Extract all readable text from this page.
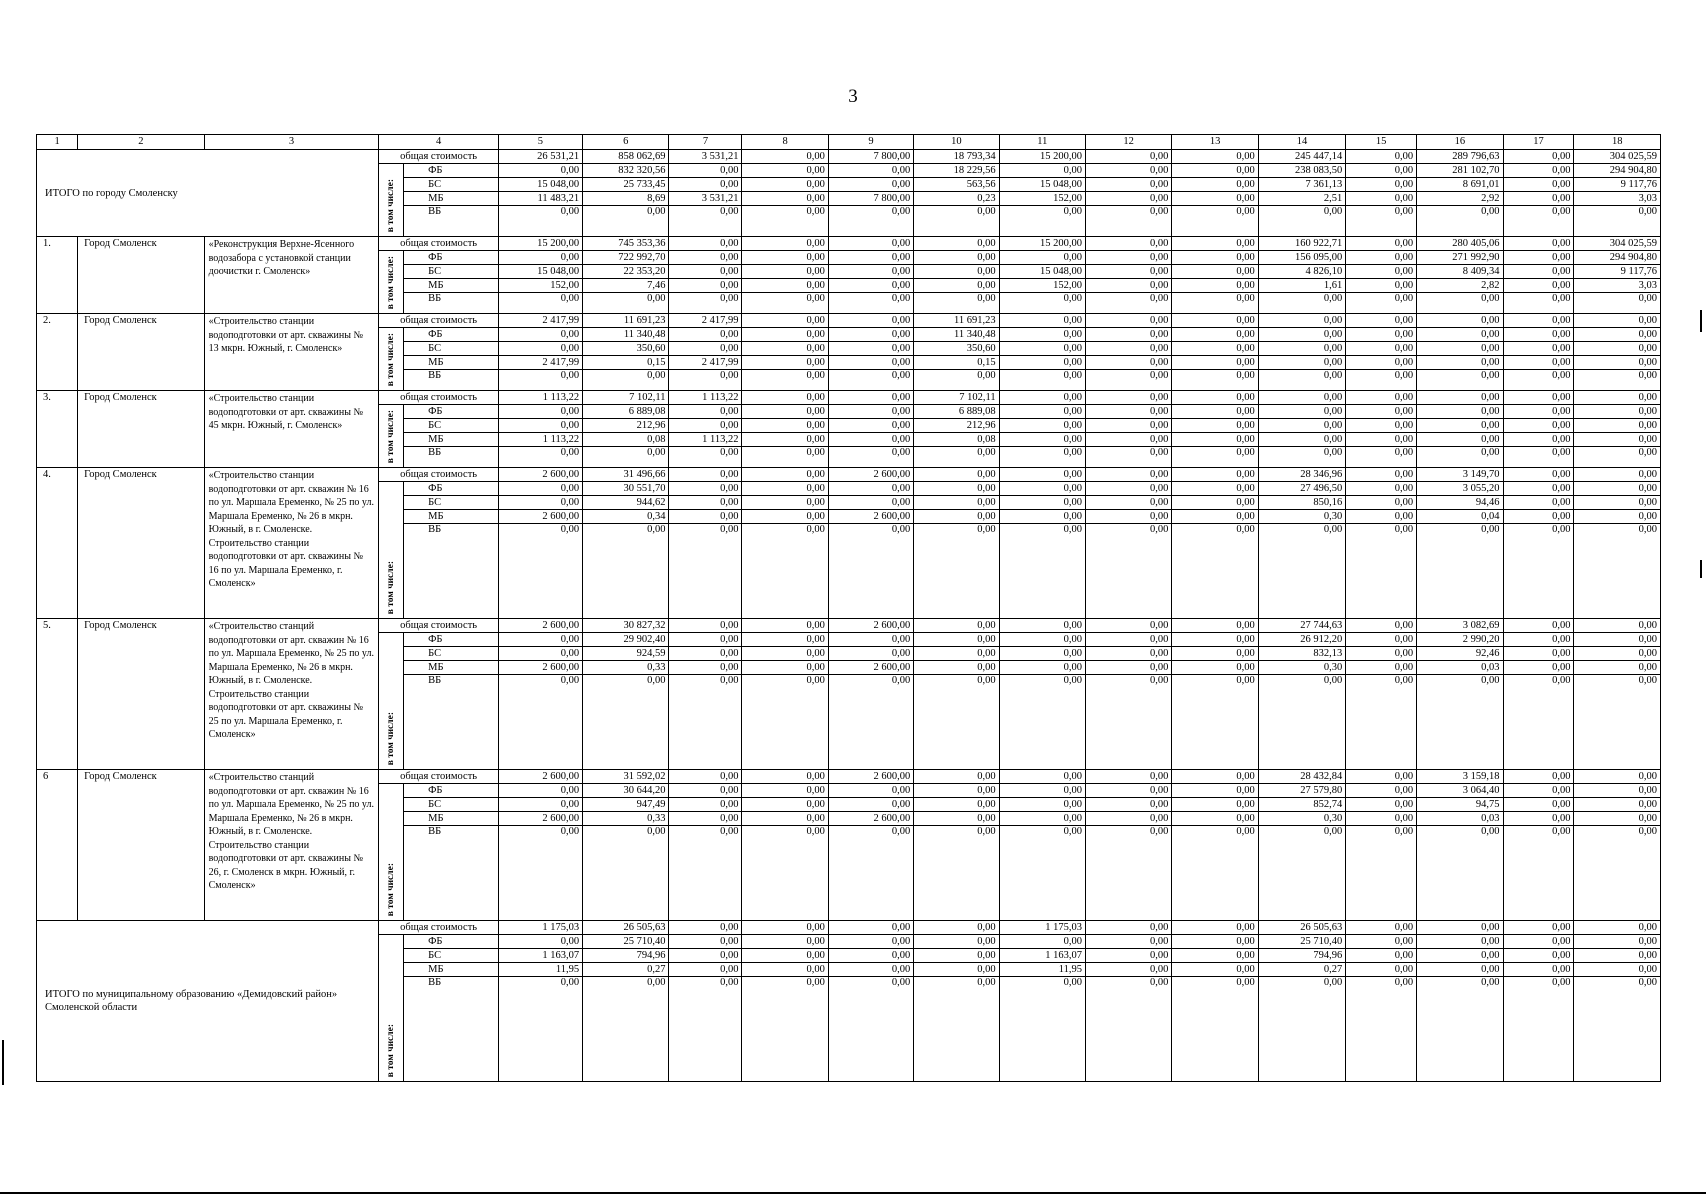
3
1	2	3	4		5	6	7	8	9	10	11	12	13	14	15	16	17	18
ИТОГО по городу Смоленску			общая стоимость		26 531,21	858 062,69	3 531,21	0,00	7 800,00	18 793,34	15 200,00	0,00	0,00	245 447,14	0,00	289 796,63	0,00	304 025,59
			в том числе:	ФБ	0,00	832 320,56	0,00	0,00	0,00	18 229,56	0,00	0,00	0,00	238 083,50	0,00	281 102,70	0,00	294 904,80
				БС	15 048,00	25 733,45	0,00	0,00	0,00	563,56	15 048,00	0,00	0,00	7 361,13	0,00	8 691,01	0,00	9 117,76
				МБ	11 483,21	8,69	3 531,21	0,00	7 800,00	0,23	152,00	0,00	0,00	2,51	0,00	2,92	0,00	3,03
				ВБ	0,00	0,00	0,00	0,00	0,00	0,00	0,00	0,00	0,00	0,00	0,00	0,00	0,00	0,00
1.	Город Смоленск	«Реконструкция Верхне-Ясенного водозабора с установкой станции доочистки г. Смоленск»	общая стоимость		15 200,00	745 353,36	0,00	0,00	0,00	0,00	15 200,00	0,00	0,00	160 922,71	0,00	280 405,06	0,00	304 025,59
			в том числе:	ФБ	0,00	722 992,70	0,00	0,00	0,00	0,00	0,00	0,00	0,00	156 095,00	0,00	271 992,90	0,00	294 904,80
				БС	15 048,00	22 353,20	0,00	0,00	0,00	0,00	15 048,00	0,00	0,00	4 826,10	0,00	8 409,34	0,00	9 117,76
				МБ	152,00	7,46	0,00	0,00	0,00	0,00	152,00	0,00	0,00	1,61	0,00	2,82	0,00	3,03
				ВБ	0,00	0,00	0,00	0,00	0,00	0,00	0,00	0,00	0,00	0,00	0,00	0,00	0,00	0,00
2.	Город Смоленск	«Строительство станции водоподготовки от арт. скважины № 13 мкрн. Южный, г. Смоленск»	общая стоимость		2 417,99	11 691,23	2 417,99	0,00	0,00	11 691,23	0,00	0,00	0,00	0,00	0,00	0,00	0,00	0,00
			в том числе:	ФБ	0,00	11 340,48	0,00	0,00	0,00	11 340,48	0,00	0,00	0,00	0,00	0,00	0,00	0,00	0,00
				БС	0,00	350,60	0,00	0,00	0,00	350,60	0,00	0,00	0,00	0,00	0,00	0,00	0,00	0,00
				МБ	2 417,99	0,15	2 417,99	0,00	0,00	0,15	0,00	0,00	0,00	0,00	0,00	0,00	0,00	0,00
				ВБ	0,00	0,00	0,00	0,00	0,00	0,00	0,00	0,00	0,00	0,00	0,00	0,00	0,00	0,00
3.	Город Смоленск	«Строительство станции водоподготовки от арт. скважины № 45 мкрн. Южный, г. Смоленск»	общая стоимость		1 113,22	7 102,11	1 113,22	0,00	0,00	7 102,11	0,00	0,00	0,00	0,00	0,00	0,00	0,00	0,00
			в том числе:	ФБ	0,00	6 889,08	0,00	0,00	0,00	6 889,08	0,00	0,00	0,00	0,00	0,00	0,00	0,00	0,00
				БС	0,00	212,96	0,00	0,00	0,00	212,96	0,00	0,00	0,00	0,00	0,00	0,00	0,00	0,00
				МБ	1 113,22	0,08	1 113,22	0,00	0,00	0,08	0,00	0,00	0,00	0,00	0,00	0,00	0,00	0,00
				ВБ	0,00	0,00	0,00	0,00	0,00	0,00	0,00	0,00	0,00	0,00	0,00	0,00	0,00	0,00
4.	Город Смоленск	«Строительство станции водоподготовки от арт. скважин № 16 по ул. Маршала Еременко, № 25 по ул. Маршала Еременко, № 26 в мкрн. Южный, в г. Смоленске. Строительство станции водоподготовки от арт. скважины № 16 по ул. Маршала Еременко, г. Смоленск»	общая стоимость		2 600,00	31 496,66	0,00	0,00	2 600,00	0,00	0,00	0,00	0,00	28 346,96	0,00	3 149,70	0,00	0,00
			в том числе:	ФБ	0,00	30 551,70	0,00	0,00	0,00	0,00	0,00	0,00	0,00	27 496,50	0,00	3 055,20	0,00	0,00
				БС	0,00	944,62	0,00	0,00	0,00	0,00	0,00	0,00	0,00	850,16	0,00	94,46	0,00	0,00
				МБ	2 600,00	0,34	0,00	0,00	2 600,00	0,00	0,00	0,00	0,00	0,30	0,00	0,04	0,00	0,00
				ВБ	0,00	0,00	0,00	0,00	0,00	0,00	0,00	0,00	0,00	0,00	0,00	0,00	0,00	0,00
5.	Город Смоленск	«Строительство станций водоподготовки от арт. скважин № 16 по ул. Маршала Еременко, № 25 по ул. Маршала Еременко, № 26 в мкрн. Южный, в г. Смоленске. Строительство станции водоподготовки от арт. скважины № 25 по ул. Маршала Еременко, г. Смоленск»	общая стоимость		2 600,00	30 827,32	0,00	0,00	2 600,00	0,00	0,00	0,00	0,00	27 744,63	0,00	3 082,69	0,00	0,00
			в том числе:	ФБ	0,00	29 902,40	0,00	0,00	0,00	0,00	0,00	0,00	0,00	26 912,20	0,00	2 990,20	0,00	0,00
				БС	0,00	924,59	0,00	0,00	0,00	0,00	0,00	0,00	0,00	832,13	0,00	92,46	0,00	0,00
				МБ	2 600,00	0,33	0,00	0,00	2 600,00	0,00	0,00	0,00	0,00	0,30	0,00	0,03	0,00	0,00
				ВБ	0,00	0,00	0,00	0,00	0,00	0,00	0,00	0,00	0,00	0,00	0,00	0,00	0,00	0,00
6	Город Смоленск	«Строительство станций водоподготовки от арт. скважин № 16 по ул. Маршала Еременко, № 25 по ул. Маршала Еременко, № 26 в мкрн. Южный, в г. Смоленске. Строительство станции водоподготовки от арт. скважины № 26, г. Смоленск в мкрн. Южный, г. Смоленск»	общая стоимость		2 600,00	31 592,02	0,00	0,00	2 600,00	0,00	0,00	0,00	0,00	28 432,84	0,00	3 159,18	0,00	0,00
			в том числе:	ФБ	0,00	30 644,20	0,00	0,00	0,00	0,00	0,00	0,00	0,00	27 579,80	0,00	3 064,40	0,00	0,00
				БС	0,00	947,49	0,00	0,00	0,00	0,00	0,00	0,00	0,00	852,74	0,00	94,75	0,00	0,00
				МБ	2 600,00	0,33	0,00	0,00	2 600,00	0,00	0,00	0,00	0,00	0,30	0,00	0,03	0,00	0,00
				ВБ	0,00	0,00	0,00	0,00	0,00	0,00	0,00	0,00	0,00	0,00	0,00	0,00	0,00	0,00
ИТОГО по муниципальному образованию «Демидовский район» Смоленской области			общая стоимость		1 175,03	26 505,63	0,00	0,00	0,00	0,00	1 175,03	0,00	0,00	26 505,63	0,00	0,00	0,00	0,00
			в том числе:	ФБ	0,00	25 710,40	0,00	0,00	0,00	0,00	0,00	0,00	0,00	25 710,40	0,00	0,00	0,00	0,00
				БС	1 163,07	794,96	0,00	0,00	0,00	0,00	1 163,07	0,00	0,00	794,96	0,00	0,00	0,00	0,00
				МБ	11,95	0,27	0,00	0,00	0,00	0,00	11,95	0,00	0,00	0,27	0,00	0,00	0,00	0,00
				ВБ	0,00	0,00	0,00	0,00	0,00	0,00	0,00	0,00	0,00	0,00	0,00	0,00	0,00	0,00
